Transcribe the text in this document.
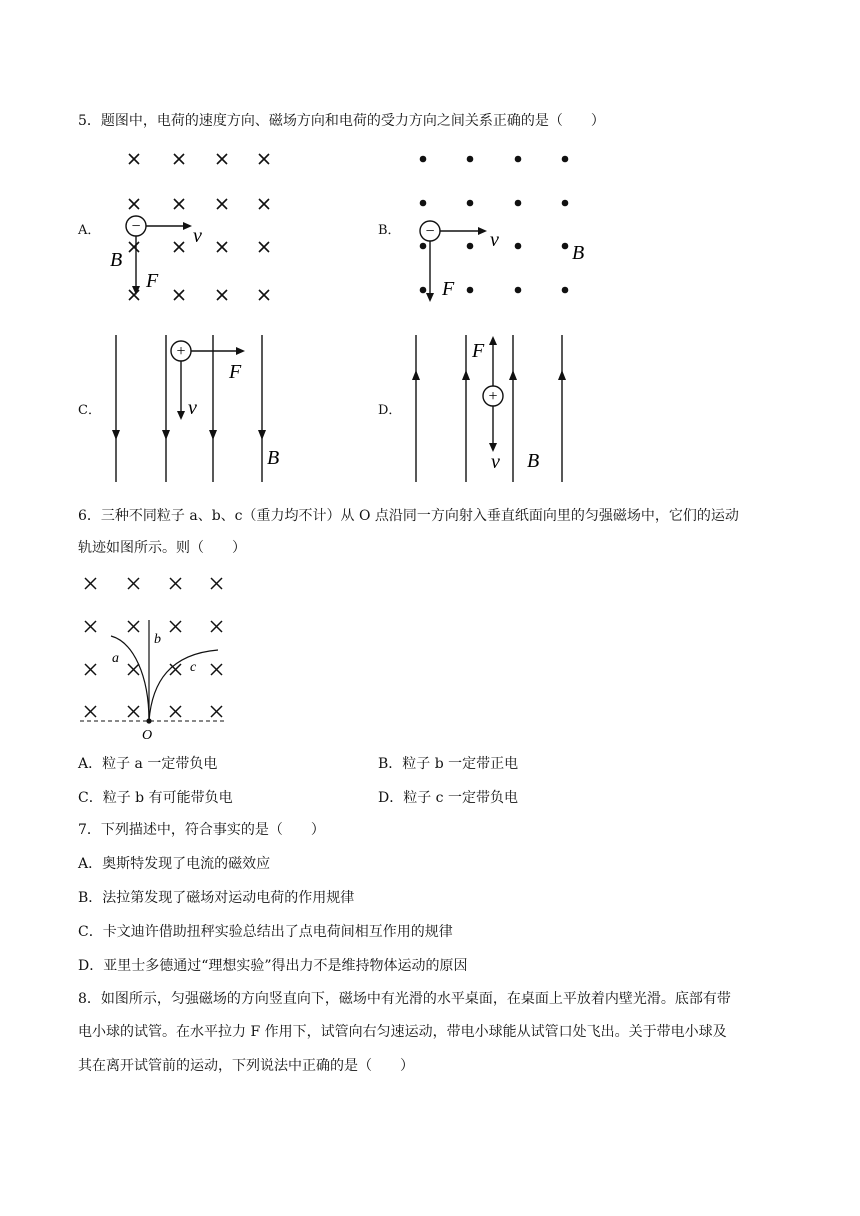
5．题图中，电荷的速度方向、磁场方向和电荷的受力方向之间关系正确的是（　　）
A． −	v
F
B
B． −	v
F
B
C．
+
F
v
B
D．
+
F
v B
6．三种不同粒子 a、b、c（重力均不计）从 O 点沿同一方向射入垂直纸面向里的匀强磁场中，它们的运动
轨迹如图所示。则（　　）
a
b
c
O
A．粒子 a 一定带负电	B．粒子 b 一定带正电
C．粒子 b 有可能带负电	D．粒子 c 一定带负电
7．下列描述中，符合事实的是（　　）
A．奥斯特发现了电流的磁效应
B．法拉第发现了磁场对运动电荷的作用规律
C．卡文迪许借助扭秤实验总结出了点电荷间相互作用的规律
D．亚里士多德通过“理想实验”得出力不是维持物体运动的原因
8．如图所示，匀强磁场的方向竖直向下，磁场中有光滑的水平桌面，在桌面上平放着内壁光滑。底部有带
电小球的试管。在水平拉力 F 作用下，试管向右匀速运动，带电小球能从试管口处飞出。关于带电小球及
其在离开试管前的运动，下列说法中正确的是（　　）
